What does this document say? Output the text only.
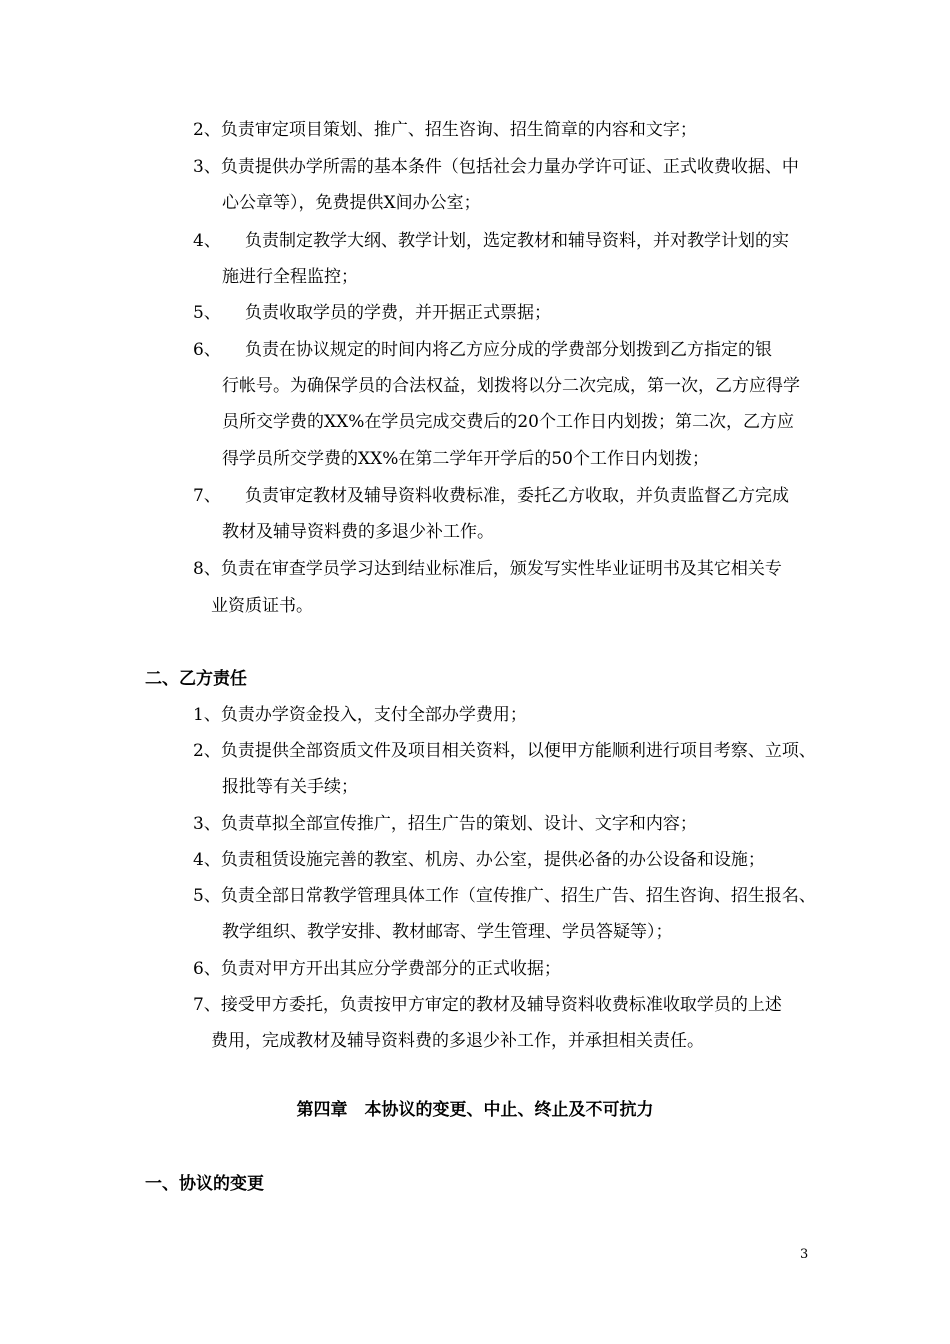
2、负责审定项目策划、推广、招生咨询、招生简章的内容和文字；
3、负责提供办学所需的基本条件（包括社会力量办学许可证、正式收费收据、中
心公章等），免费提供X间办公室；
4、 负责制定教学大纲、教学计划，选定教材和辅导资料，并对教学计划的实
施进行全程监控；
5、 负责收取学员的学费，并开据正式票据；
6、 负责在协议规定的时间内将乙方应分成的学费部分划拨到乙方指定的银
行帐号。为确保学员的合法权益，划拨将以分二次完成，第一次，乙方应得学
员所交学费的XX%在学员完成交费后的20个工作日内划拨；第二次，乙方应
得学员所交学费的XX%在第二学年开学后的50个工作日内划拨；
7、 负责审定教材及辅导资料收费标准，委托乙方收取，并负责监督乙方完成
教材及辅导资料费的多退少补工作。
8、负责在审查学员学习达到结业标准后，颁发写实性毕业证明书及其它相关专
业资质证书。
二、乙方责任
1、负责办学资金投入，支付全部办学费用；
2、负责提供全部资质文件及项目相关资料，以便甲方能顺利进行项目考察、立项、
报批等有关手续；
3、负责草拟全部宣传推广，招生广告的策划、设计、文字和内容；
4、负责租赁设施完善的教室、机房、办公室，提供必备的办公设备和设施；
5、负责全部日常教学管理具体工作（宣传推广、招生广告、招生咨询、招生报名、
教学组织、教学安排、教材邮寄、学生管理、学员答疑等）；
6、负责对甲方开出其应分学费部分的正式收据；
7、接受甲方委托，负责按甲方审定的教材及辅导资料收费标准收取学员的上述
费用，完成教材及辅导资料费的多退少补工作，并承担相关责任。
第四章　本协议的变更、中止、终止及不可抗力
一、协议的变更
3
